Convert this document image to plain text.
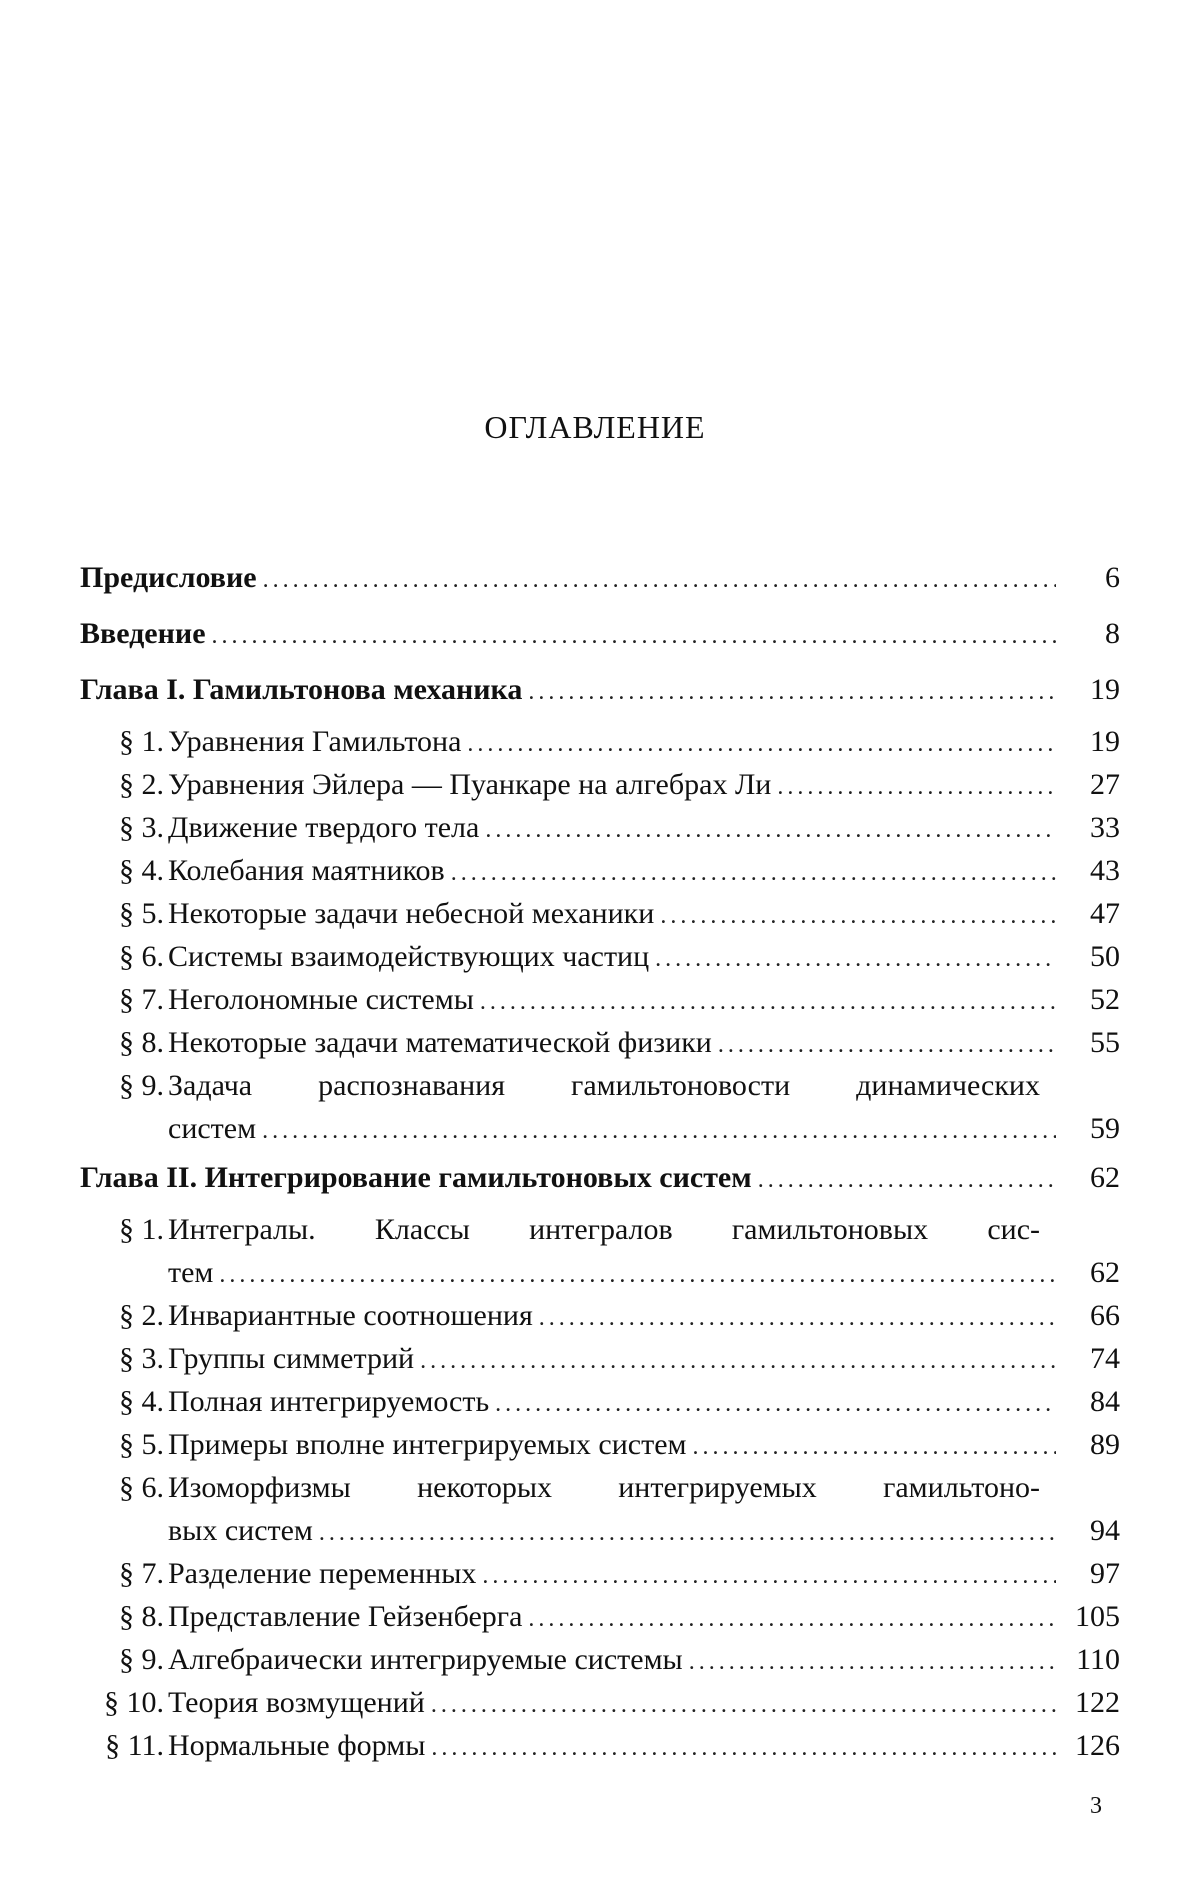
ОГЛАВЛЕНИЕ
Предисловие .....	6
Введение .....	8
Глава I. Гамильтонова механика .....	19
§ 1. Уравнения Гамильтона .....	19
§ 2. Уравнения Эйлера — Пуанкаре на алгебрах Ли .....	27
§ 3. Движение твердого тела .....	33
§ 4. Колебания маятников .....	43
§ 5. Некоторые задачи небесной механики .....	47
§ 6. Системы взаимодействующих частиц .....	50
§ 7. Неголономные системы .....	52
§ 8. Некоторые задачи математической физики .....	55
§ 9. Задача распознавания гамильтоновости динамических
систем .....	59
Глава II. Интегрирование гамильтоновых систем .....	62
§ 1. Интегралы. Классы интегралов гамильтоновых сис-
тем .....	62
§ 2. Инвариантные соотношения .....	66
§ 3. Группы симметрий .....	74
§ 4. Полная интегрируемость .....	84
§ 5. Примеры вполне интегрируемых систем .....	89
§ 6. Изоморфизмы некоторых интегрируемых гамильтоно-
вых систем .....	94
§ 7. Разделение переменных .....	97
§ 8. Представление Гейзенберга .....	105
§ 9. Алгебраически интегрируемые системы .....	110
§ 10. Теория возмущений .....	122
§ 11. Нормальные формы .....	126
3
